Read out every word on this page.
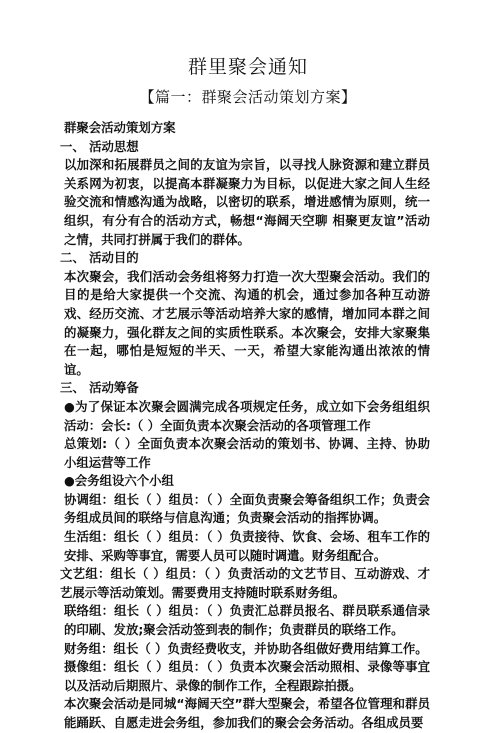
群里聚会通知
【篇一：群聚会活动策划方案】

群聚会活动策划方案

一、 活动思想

以加深和拓展群员之间的友谊为宗旨，以寻找人脉资源和建立群员关系网为初衷，以提高本群凝聚力为目标，以促进大家之间人生经验交流和情感沟通为战略，以密切的联系，增进感情为原则，统一组织，有分有合的活动方式，畅想“海阔天空聊 相聚更友谊”活动之情，共同打拼属于我们的群体。

二、 活动目的

本次聚会，我们活动会务组将努力打造一次大型聚会活动。我们的目的是给大家提供一个交流、沟通的机会，通过参加各种互动游戏、经历交流、才艺展示等活动培养大家的感情，增加同本群之间的凝聚力，强化群友之间的实质性联系。本次聚会，安排大家聚集在一起，哪怕是短短的半天、一天，希望大家能沟通出浓浓的情谊。

三、 活动筹备

●为了保证本次聚会圆满完成各项规定任务，成立如下会务组组织活动：会长:（ ）全面负责本次聚会活动的各项管理工作

总策划:（ ）全面负责本次聚会活动的策划书、协调、主持、协助小组运营等工作

●会务组设六个小组

协调组：组长（ ）组员：（ ）全面负责聚会筹备组织工作；负责会务组成员间的联络与信息沟通；负责聚会活动的指挥协调。

生活组：组长（ ）组员：（ ）负责接待、饮食、会场、租车工作的安排、采购等事宜，需要人员可以随时调遣。财务组配合。

文艺组：组长（ ）组员：（ ）负责活动的文艺节目、互动游戏、才艺展示等活动策划。需要费用支持随时联系财务组。

联络组：组长（ ）组员：（ ）负责汇总群员报名、群员联系通信录的印刷、发放;聚会活动签到表的制作；负责群员的联络工作。

财务组：组长（ ）负责经费收支，并协助各组做好费用结算工作。

摄像组：组长（ ）组员：（ ）负责本次聚会活动照相、录像等事宜以及活动后期照片、录像的制作工作，全程跟踪拍摄。

本次聚会活动是同城“海阔天空”群大型聚会，希望各位管理和群员能踊跃、自愿走进会务组，参加我们的聚会会务活动。各组成员要
